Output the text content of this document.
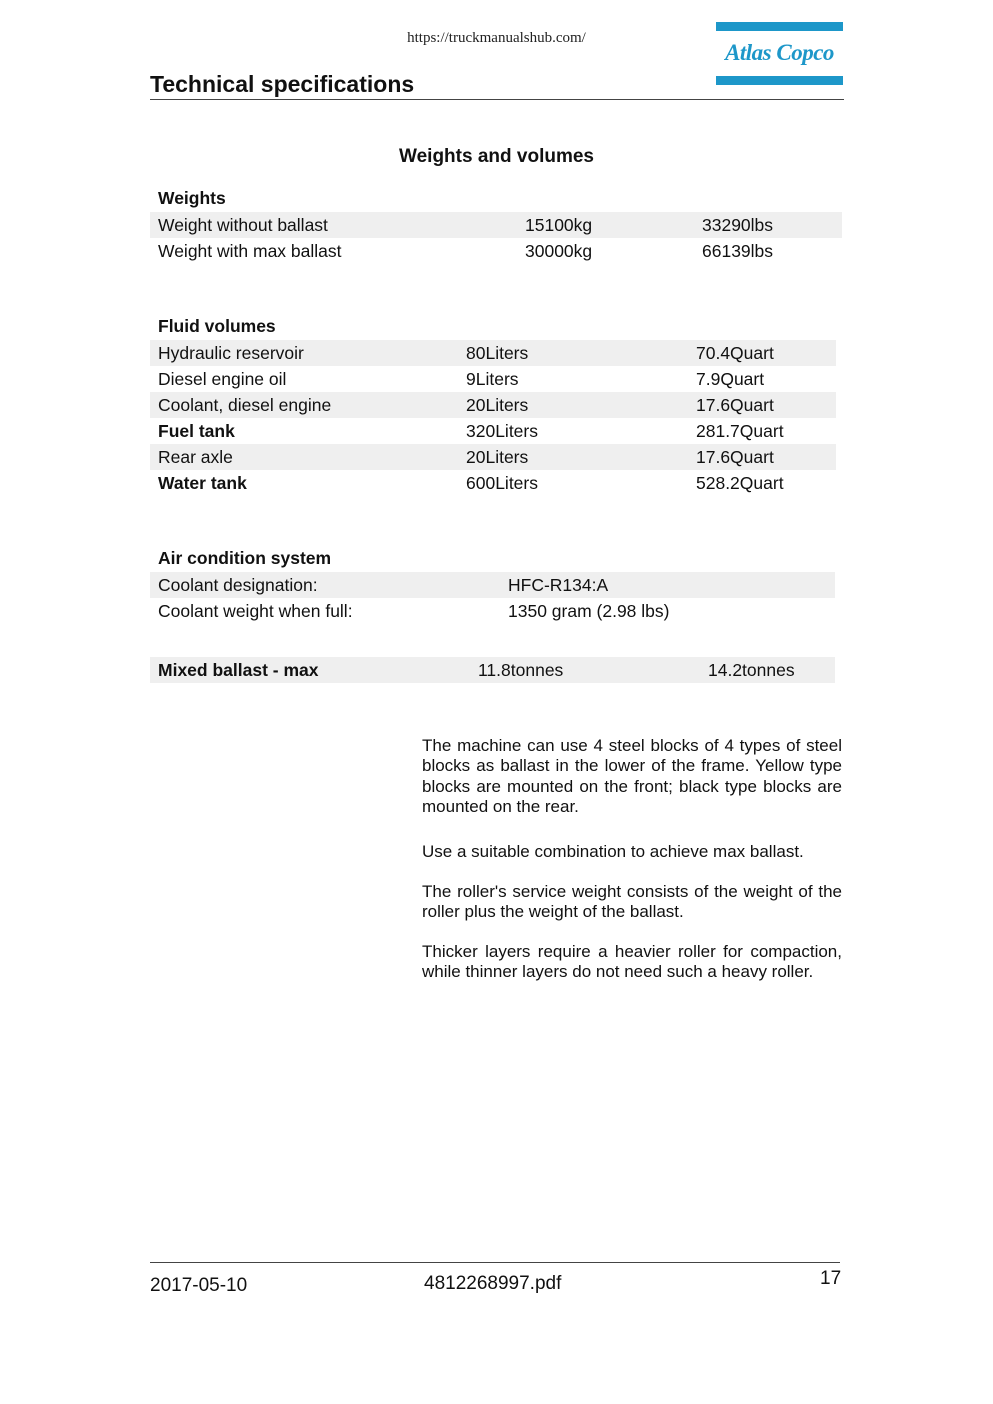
https://truckmanualshub.com/
Atlas Copco
Technical specifications
Weights and volumes
Weights
Weight without ballast	15100kg	33290lbs
Weight with max ballast	30000kg	66139lbs
Fluid volumes
Hydraulic reservoir	80Liters	70.4Quart
Diesel engine oil	9Liters	7.9Quart
Coolant, diesel engine	20Liters	17.6Quart
Fuel tank	320Liters	281.7Quart
Rear axle	20Liters	17.6Quart
Water tank	600Liters	528.2Quart
Air condition system
Coolant designation:	HFC-R134:A
Coolant weight when full:	1350 gram (2.98 lbs)
Mixed ballast - max	11.8tonnes	14.2tonnes
The machine can use 4 steel blocks of 4 types of steel blocks as ballast in the lower of the frame. Yellow type blocks are mounted on the front; black type blocks are mounted on the rear.
Use a suitable combination to achieve max ballast.
The roller's service weight consists of the weight of the roller plus the weight of the ballast.
Thicker layers require a heavier roller for compaction, while thinner layers do not need such a heavy roller.
2017-05-10	4812268997.pdf	17
